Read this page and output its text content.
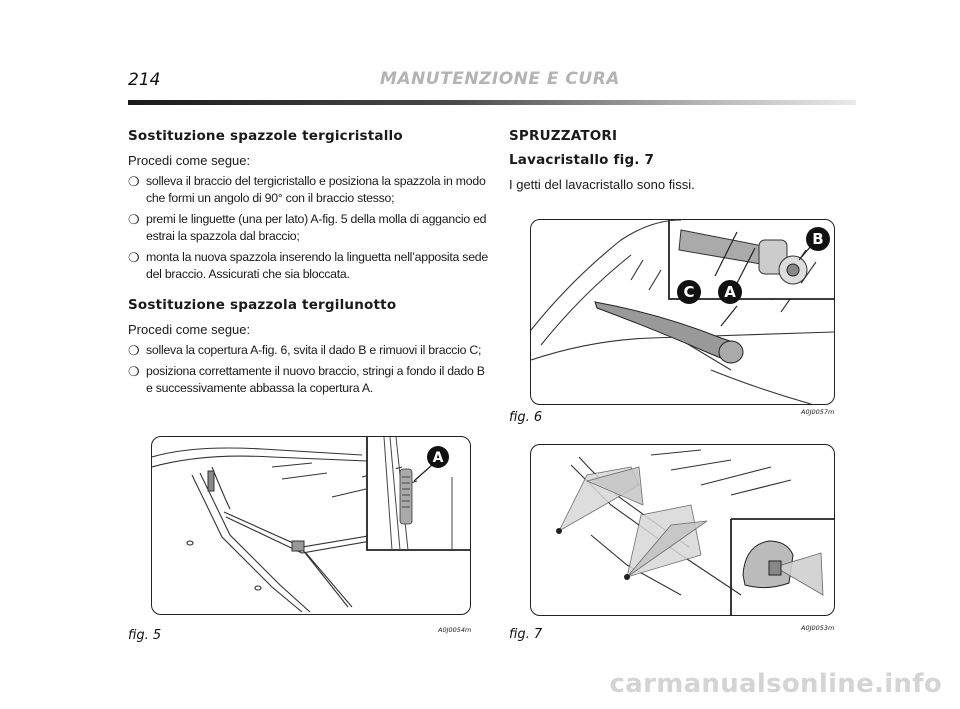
214	MANUTENZIONE E CURA
Sostituzione spazzole tergicristallo

Procedi come segue:

❍ solleva il braccio del tergicristallo e posiziona la spazzola in modo che formi un angolo di 90° con il braccio stesso;
❍ premi le linguette (una per lato) A-fig. 5 della molla di aggancio ed estrai la spazzola dal braccio;
❍ monta la nuova spazzola inserendo la linguetta nell’apposita sede del braccio. Assicurati che sia bloccata.
Sostituzione spazzola tergilunotto

Procedi come segue:

❍ solleva la copertura A-fig. 6, svita il dado B e rimuovi il braccio C;
❍ posiziona correttamente il nuovo braccio, stringi a fondo il dado B e successivamente abbassa la copertura A.
SPRUZZATORI
Lavacristallo fig. 7

I getti del lavacristallo sono fissi.

A
fig. 5	A0J0054m
B
C A
fig. 6	A0J0057m
fig. 7	A0J0053m
carmanualsonline.info
